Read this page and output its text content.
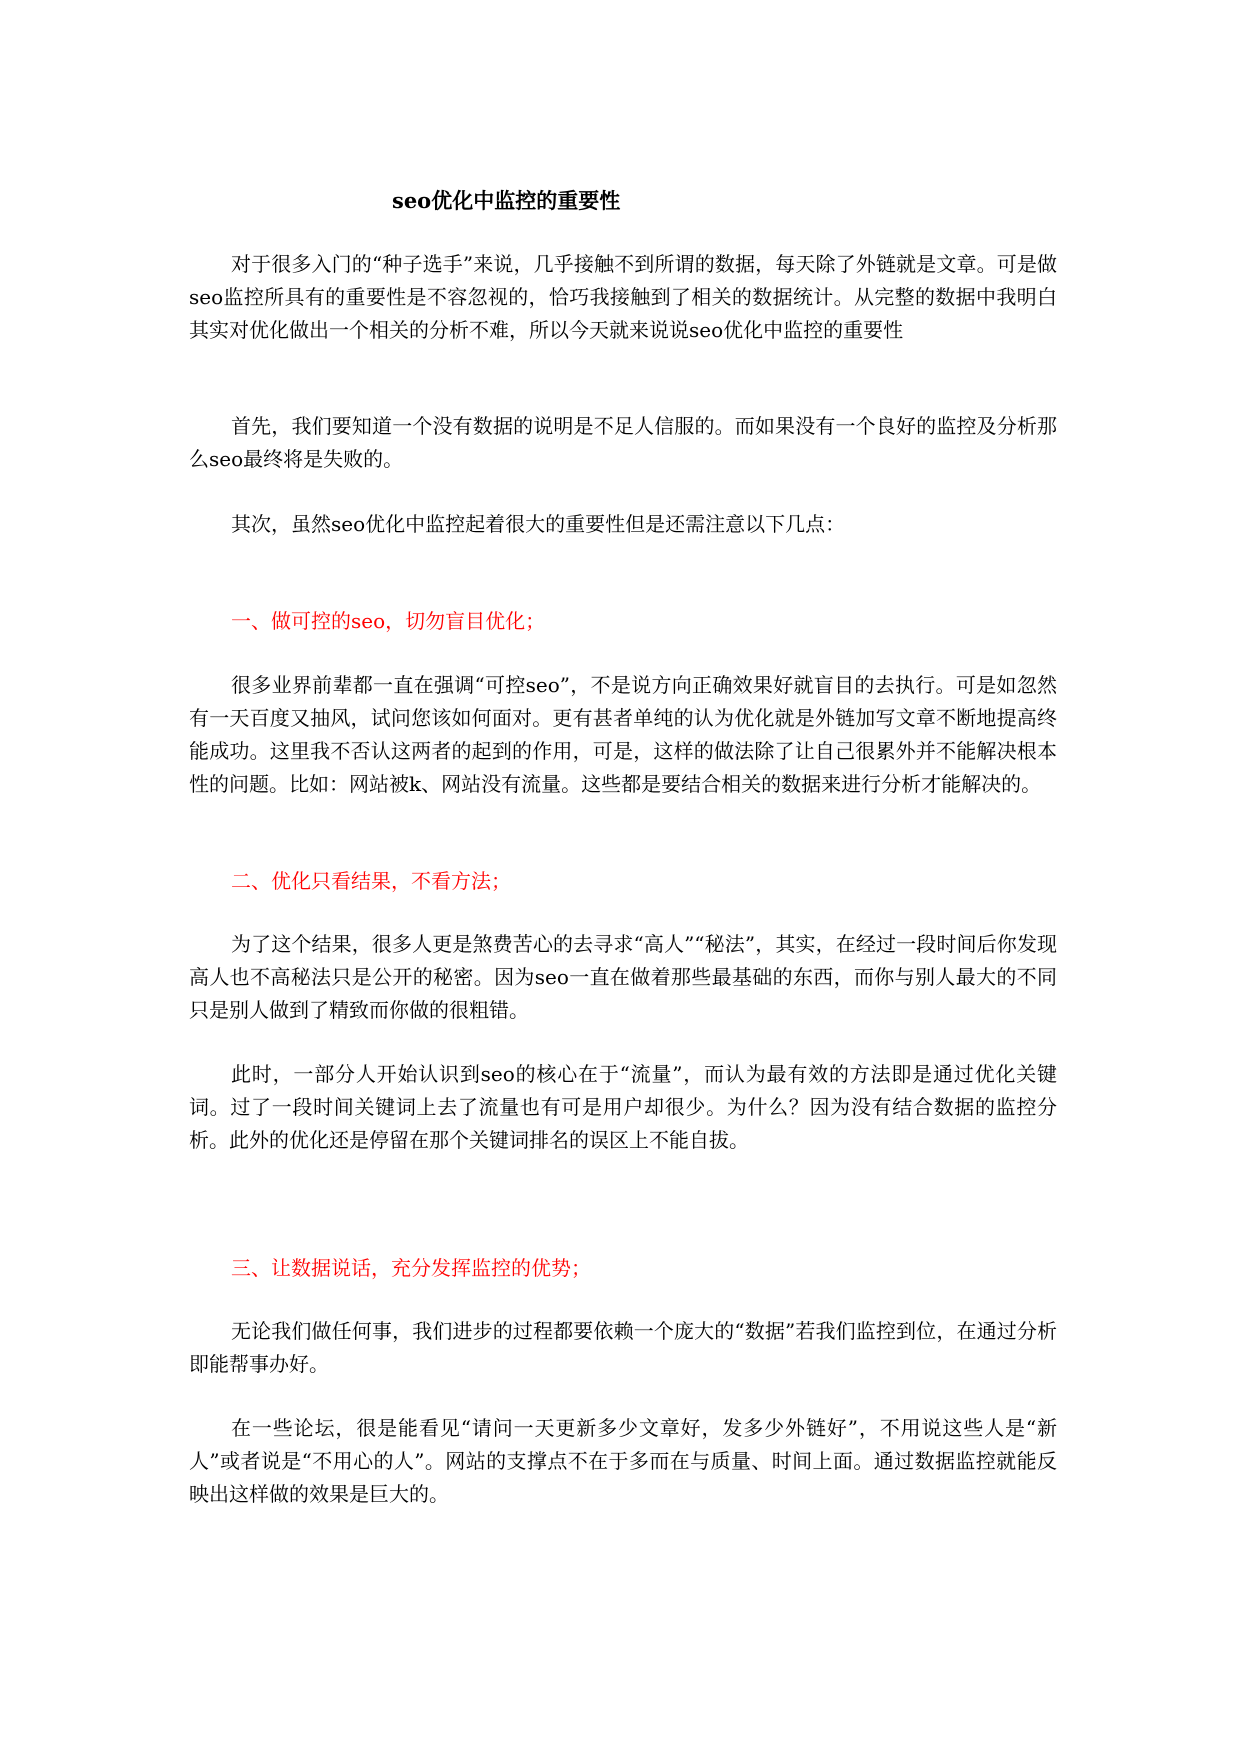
seo优化中监控的重要性

对于很多入门的“种子选手”来说，几乎接触不到所谓的数据，每天除了外链就是文章。可是做seo监控所具有的重要性是不容忽视的，恰巧我接触到了相关的数据统计。从完整的数据中我明白其实对优化做出一个相关的分析不难，所以今天就来说说seo优化中监控的重要性

首先，我们要知道一个没有数据的说明是不足人信服的。而如果没有一个良好的监控及分析那么seo最终将是失败的。

其次，虽然seo优化中监控起着很大的重要性但是还需注意以下几点：

一、做可控的seo，切勿盲目优化；

很多业界前辈都一直在强调“可控seo”，不是说方向正确效果好就盲目的去执行。可是如忽然有一天百度又抽风，试问您该如何面对。更有甚者单纯的认为优化就是外链加写文章不断地提高终能成功。这里我不否认这两者的起到的作用，可是，这样的做法除了让自己很累外并不能解决根本性的问题。比如：网站被k、网站没有流量。这些都是要结合相关的数据来进行分析才能解决的。

二、优化只看结果，不看方法；

为了这个结果，很多人更是煞费苦心的去寻求“高人”“秘法”，其实，在经过一段时间后你发现高人也不高秘法只是公开的秘密。因为seo一直在做着那些最基础的东西，而你与别人最大的不同只是别人做到了精致而你做的很粗错。

此时，一部分人开始认识到seo的核心在于“流量”，而认为最有效的方法即是通过优化关键词。过了一段时间关键词上去了流量也有可是用户却很少。为什么？因为没有结合数据的监控分析。此外的优化还是停留在那个关键词排名的误区上不能自拔。

三、让数据说话，充分发挥监控的优势；

无论我们做任何事，我们进步的过程都要依赖一个庞大的“数据”若我们监控到位，在通过分析即能帮事办好。

在一些论坛，很是能看见“请问一天更新多少文章好，发多少外链好”，不用说这些人是“新人”或者说是“不用心的人”。网站的支撑点不在于多而在与质量、时间上面。通过数据监控就能反映出这样做的效果是巨大的。
